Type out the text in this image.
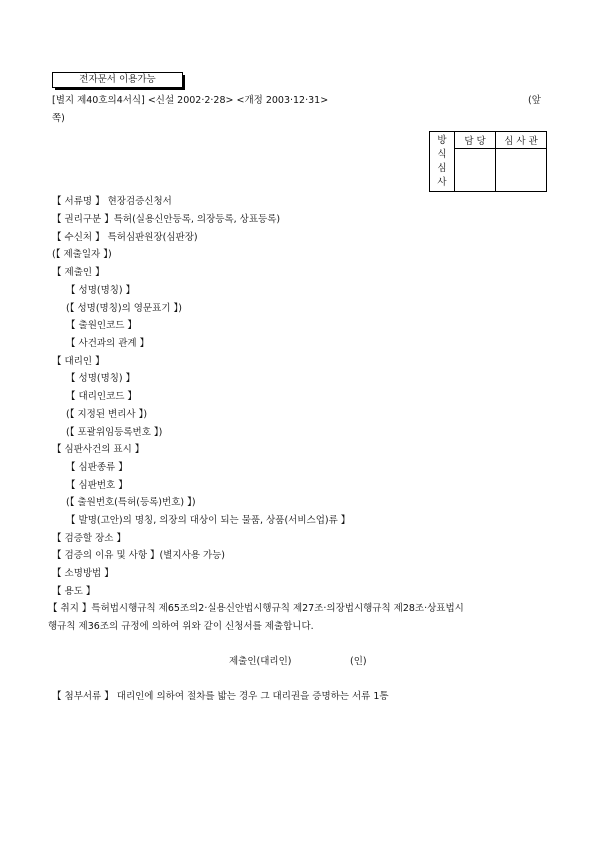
전자문서 이용가능
[별지 제40호의4서식] <신설 2002·2·28> <개정 2003·12·31>	(앞
쪽)
방
식
심
사	담 당	심 사 관

【 서류명 】 현장검증신청서
【 권리구분 】특허(실용신안등록, 의장등록, 상표등록)
【 수신처 】 특허심판원장(심판장)
(【 제출일자 】)
【 제출인 】
【 성명(명칭) 】
(【 성명(명칭)의 영문표기 】)
【 출원인코드 】
【 사건과의 관계 】
【 대리인 】
【 성명(명칭) 】
【 대리인코드 】
(【 지정된 변리사 】)
(【 포괄위임등록번호 】)
【 심판사건의 표시 】
【 심판종류 】
【 심판번호 】
(【 출원번호(특허(등록)번호) 】)
【 발명(고안)의 명칭, 의장의 대상이 되는 물품, 상품(서비스업)류 】
【 검증할 장소 】
【 검증의 이유 및 사항 】(별지사용 가능)
【 소명방법 】
【 용도 】
【 취지 】특허법시행규칙 제65조의2·실용신안법시행규칙 제27조·의장법시행규칙 제28조·상표법시
행규칙 제36조의 규정에 의하여 위와 같이 신청서를 제출합니다.
제출인(대리인)	(인)
【 첨부서류 】 대리인에 의하여 절차를 밟는 경우 그 대리권을 증명하는 서류 1통
